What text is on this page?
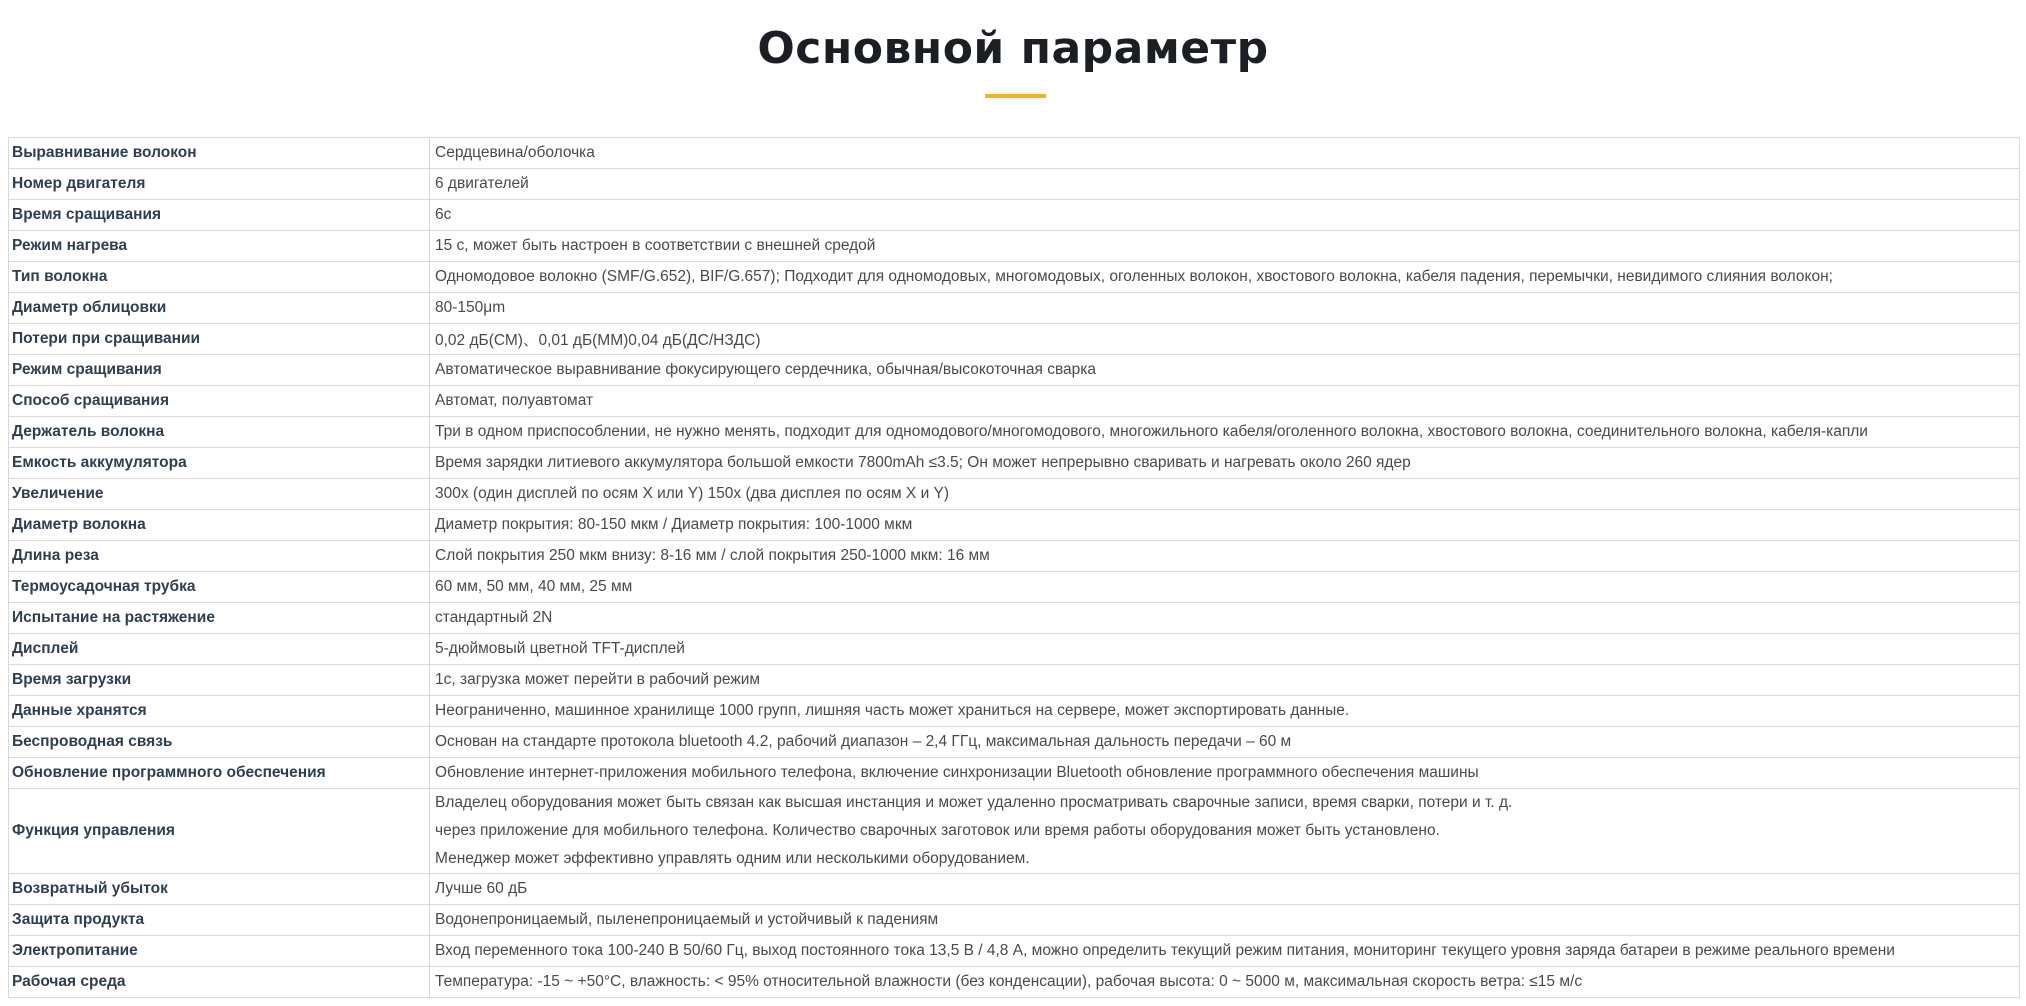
Основной параметр
Выравнивание волокон	Сердцевина/оболочка
Номер двигателя	6 двигателей
Время сращивания	6с
Режим нагрева	15 с, может быть настроен в соответствии с внешней средой
Тип волокна	Одномодовое волокно (SMF/G.652), BIF/G.657); Подходит для одномодовых, многомодовых, оголенных волокон, хвостового волокна, кабеля падения, перемычки, невидимого слияния волокон;
Диаметр облицовки	80-150μm
Потери при сращивании	0,02 дБ(СМ)、0,01 дБ(ММ)0,04 дБ(ДС/НЗДС)
Режим сращивания	Автоматическое выравнивание фокусирующего сердечника, обычная/высокоточная сварка
Способ сращивания	Автомат, полуавтомат
Держатель волокна	Три в одном приспособлении, не нужно менять, подходит для одномодового/многомодового, многожильного кабеля/оголенного волокна, хвостового волокна, соединительного волокна, кабеля-капли
Емкость аккумулятора	Время зарядки литиевого аккумулятора большой емкости 7800mAh ≤3.5; Он может непрерывно сваривать и нагревать около 260 ядер
Увеличение	300x (один дисплей по осям X или Y) 150x (два дисплея по осям X и Y)
Диаметр волокна	Диаметр покрытия: 80-150 мкм / Диаметр покрытия: 100-1000 мкм
Длина реза	Слой покрытия 250 мкм внизу: 8-16 мм / слой покрытия 250-1000 мкм: 16 мм
Термоусадочная трубка	60 мм, 50 мм, 40 мм, 25 мм
Испытание на растяжение	стандартный 2N
Дисплей	5-дюймовый цветной TFT-дисплей
Время загрузки	1с, загрузка может перейти в рабочий режим
Данные хранятся	Неограниченно, машинное хранилище 1000 групп, лишняя часть может храниться на сервере, может экспортировать данные.
Беспроводная связь	Основан на стандарте протокола bluetooth 4.2, рабочий диапазон – 2,4 ГГц, максимальная дальность передачи – 60 м
Обновление программного обеспечения	Обновление интернет-приложения мобильного телефона, включение синхронизации Bluetooth обновление программного обеспечения машины
Функция управления	Владелец оборудования может быть связан как высшая инстанция и может удаленно просматривать сварочные записи, время сварки, потери и т. д.
через приложение для мобильного телефона. Количество сварочных заготовок или время работы оборудования может быть установлено.
Менеджер может эффективно управлять одним или несколькими оборудованием.

Возвратный убыток	Лучше 60 дБ
Защита продукта	Водонепроницаемый, пыленепроницаемый и устойчивый к падениям
Электропитание	Вход переменного тока 100-240 В 50/60 Гц, выход постоянного тока 13,5 В / 4,8 А, можно определить текущий режим питания, мониторинг текущего уровня заряда батареи в режиме реального времени
Рабочая среда	Температура: -15 ~ +50°C, влажность: < 95% относительной влажности (без конденсации), рабочая высота: 0 ~ 5000 м, максимальная скорость ветра: ≤15 м/с
